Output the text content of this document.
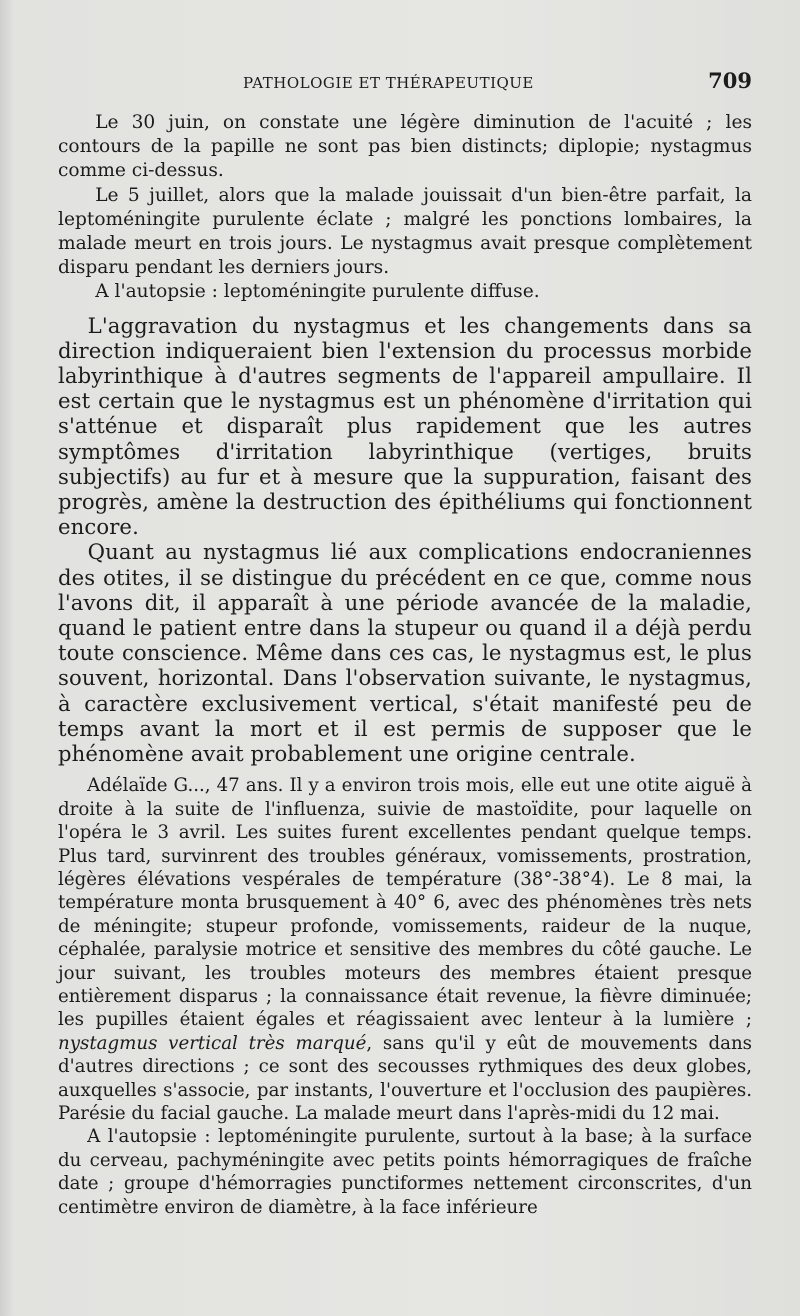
PATHOLOGIE ET THÉRAPEUTIQUE	709

Le 30 juin, on constate une légère diminution de l'acuité ; les contours de la papille ne sont pas bien distincts; diplopie; nystagmus comme ci-dessus.

Le 5 juillet, alors que la malade jouissait d'un bien-être parfait, la leptoméningite purulente éclate ; malgré les ponctions lombaires, la malade meurt en trois jours. Le nystagmus avait presque complètement disparu pendant les derniers jours.

A l'autopsie : leptoméningite purulente diffuse.

L'aggravation du nystagmus et les changements dans sa direction indiqueraient bien l'extension du processus morbide labyrinthique à d'autres segments de l'appareil ampullaire. Il est certain que le nystagmus est un phénomène d'irritation qui s'atténue et disparaît plus rapidement que les autres symptômes d'irritation labyrinthique (vertiges, bruits subjectifs) au fur et à mesure que la suppuration, faisant des progrès, amène la destruction des épithéliums qui fonctionnent encore.

Quant au nystagmus lié aux complications endocraniennes des otites, il se distingue du précédent en ce que, comme nous l'avons dit, il apparaît à une période avancée de la maladie, quand le patient entre dans la stupeur ou quand il a déjà perdu toute conscience. Même dans ces cas, le nystagmus est, le plus souvent, horizontal. Dans l'observation suivante, le nystagmus, à caractère exclusivement vertical, s'était manifesté peu de temps avant la mort et il est permis de supposer que le phénomène avait probablement une origine centrale.

Adélaïde G..., 47 ans. Il y a environ trois mois, elle eut une otite aiguë à droite à la suite de l'influenza, suivie de mastoïdite, pour laquelle on l'opéra le 3 avril. Les suites furent excellentes pendant quelque temps. Plus tard, survinrent des troubles généraux, vomissements, prostration, légères élévations vespérales de température (38°-38°4). Le 8 mai, la température monta brusquement à 40° 6, avec des phénomènes très nets de méningite; stupeur profonde, vomissements, raideur de la nuque, céphalée, paralysie motrice et sensitive des membres du côté gauche. Le jour suivant, les troubles moteurs des membres étaient presque entièrement disparus ; la connaissance était revenue, la fièvre diminuée; les pupilles étaient égales et réagissaient avec lenteur à la lumière ; nystagmus vertical très marqué, sans qu'il y eût de mouvements dans d'autres directions ; ce sont des secousses rythmiques des deux globes, auxquelles s'associe, par instants, l'ouverture et l'occlusion des paupières. Parésie du facial gauche. La malade meurt dans l'après-midi du 12 mai.

A l'autopsie : leptoméningite purulente, surtout à la base; à la surface du cerveau, pachyméningite avec petits points hémorragiques de fraîche date ; groupe d'hémorragies punctiformes nettement circonscrites, d'un centimètre environ de diamètre, à la face inférieure
